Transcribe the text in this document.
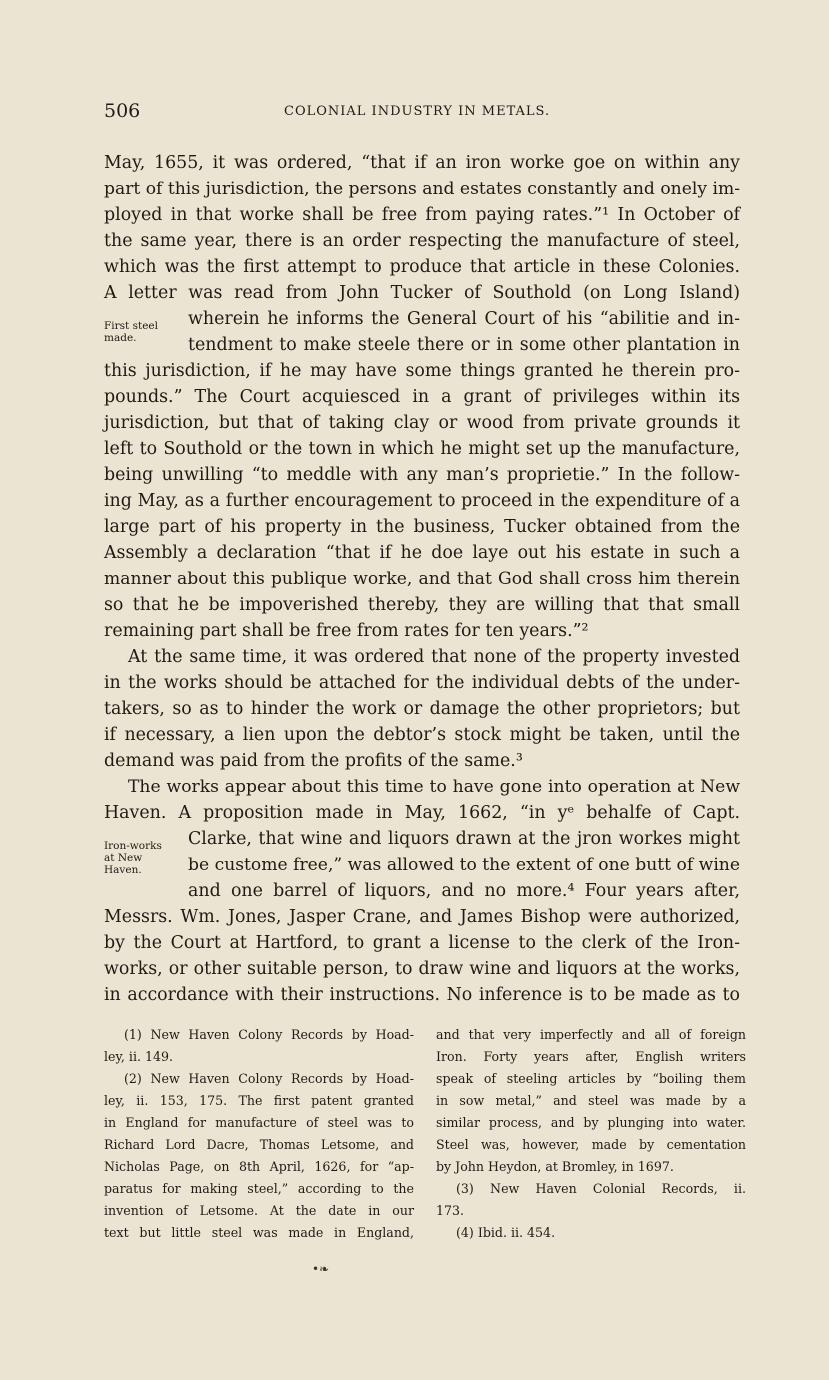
506	COLONIAL INDUSTRY IN METALS.
First steel
made.
Iron-works
at New
Haven.
May, 1655, it was ordered, “that if an iron worke goe on within any
part of this jurisdiction, the persons and estates constantly and onely im-
ployed in that worke shall be free from paying rates.”¹ In October of
the same year, there is an order respecting the manufacture of steel,
which was the first attempt to produce that article in these Colonies.
A letter was read from John Tucker of Southold (on Long Island)
wherein he informs the General Court of his “abilitie and in-
tendment to make steele there or in some other plantation in
this jurisdiction, if he may have some things granted he therein pro-
pounds.” The Court acquiesced in a grant of privileges within its
jurisdiction, but that of taking clay or wood from private grounds it
left to Southold or the town in which he might set up the manufacture,
being unwilling “to meddle with any man’s proprietie.” In the follow-
ing May, as a further encouragement to proceed in the expenditure of a
large part of his property in the business, Tucker obtained from the
Assembly a declaration “that if he doe laye out his estate in such a
manner about this publique worke, and that God shall cross him therein
so that he be impoverished thereby, they are willing that that small
remaining part shall be free from rates for ten years.”²
At the same time, it was ordered that none of the property invested
in the works should be attached for the individual debts of the under-
takers, so as to hinder the work or damage the other proprietors; but
if necessary, a lien upon the debtor’s stock might be taken, until the
demand was paid from the profits of the same.³
The works appear about this time to have gone into operation at New
Haven. A proposition made in May, 1662, “in yᵉ behalfe of Capt.
Clarke, that wine and liquors drawn at the jron workes might
be custome free,” was allowed to the extent of one butt of wine
and one barrel of liquors, and no more.⁴ Four years after,
Messrs. Wm. Jones, Jasper Crane, and James Bishop were authorized,
by the Court at Hartford, to grant a license to the clerk of the Iron-
works, or other suitable person, to draw wine and liquors at the works,
in accordance with their instructions. No inference is to be made as to
(1) New Haven Colony Records by Hoad-
ley, ii. 149.
(2) New Haven Colony Records by Hoad-
ley, ii. 153, 175. The first patent granted
in England for manufacture of steel was to
Richard Lord Dacre, Thomas Letsome, and
Nicholas Page, on 8th April, 1626, for “ap-
paratus for making steel,” according to the
invention of Letsome. At the date in our
text but little steel was made in England,
and that very imperfectly and all of foreign
Iron. Forty years after, English writers
speak of steeling articles by “boiling them
in sow metal,” and steel was made by a
similar process, and by plunging into water.
Steel was, however, made by cementation
by John Heydon, at Bromley, in 1697.
(3) New Haven Colonial Records, ii.
173.
(4) Ibid. ii. 454.
•❧
